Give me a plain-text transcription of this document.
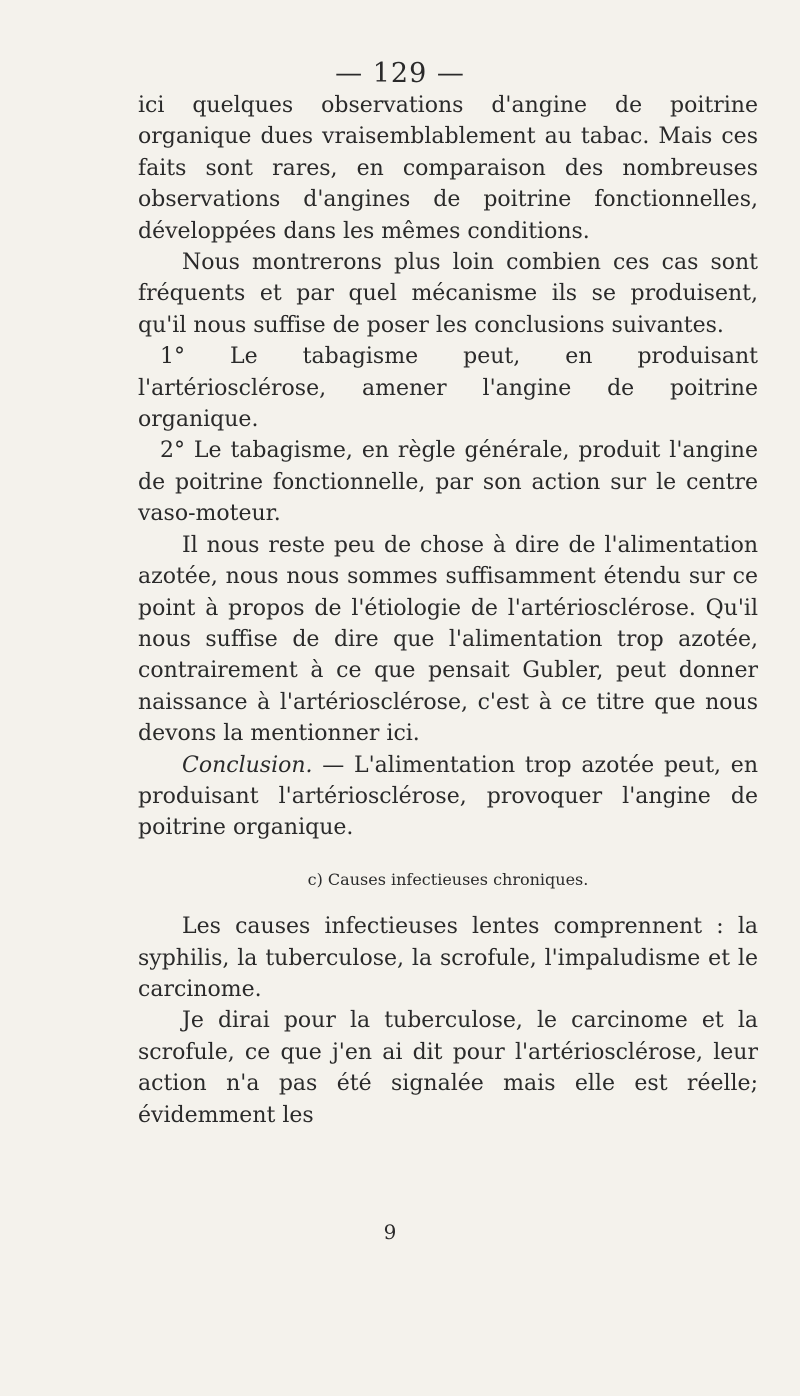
— 129 —

ici quelques observations d'angine de poitrine organique dues vraisemblablement au tabac. Mais ces faits sont rares, en comparaison des nombreuses observations d'angines de poitrine fonctionnelles, développées dans les mêmes conditions.

Nous montrerons plus loin combien ces cas sont fréquents et par quel mécanisme ils se produisent, qu'il nous suffise de poser les conclusions suivantes.

1° Le tabagisme peut, en produisant l'artériosclérose, amener l'angine de poitrine organique.

2° Le tabagisme, en règle générale, produit l'angine de poitrine fonctionnelle, par son action sur le centre vaso-moteur.

Il nous reste peu de chose à dire de l'alimentation azotée, nous nous sommes suffisamment étendu sur ce point à propos de l'étiologie de l'artériosclérose. Qu'il nous suffise de dire que l'alimentation trop azotée, contrairement à ce que pensait Gubler, peut donner naissance à l'artériosclérose, c'est à ce titre que nous devons la mentionner ici.

Conclusion. — L'alimentation trop azotée peut, en produisant l'artériosclérose, provoquer l'angine de poitrine organique.

c) Causes infectieuses chroniques.

Les causes infectieuses lentes comprennent : la syphilis, la tuberculose, la scrofule, l'impaludisme et le carcinome.

Je dirai pour la tuberculose, le carcinome et la scrofule, ce que j'en ai dit pour l'artériosclérose, leur action n'a pas été signalée mais elle est réelle; évidemment les

9
